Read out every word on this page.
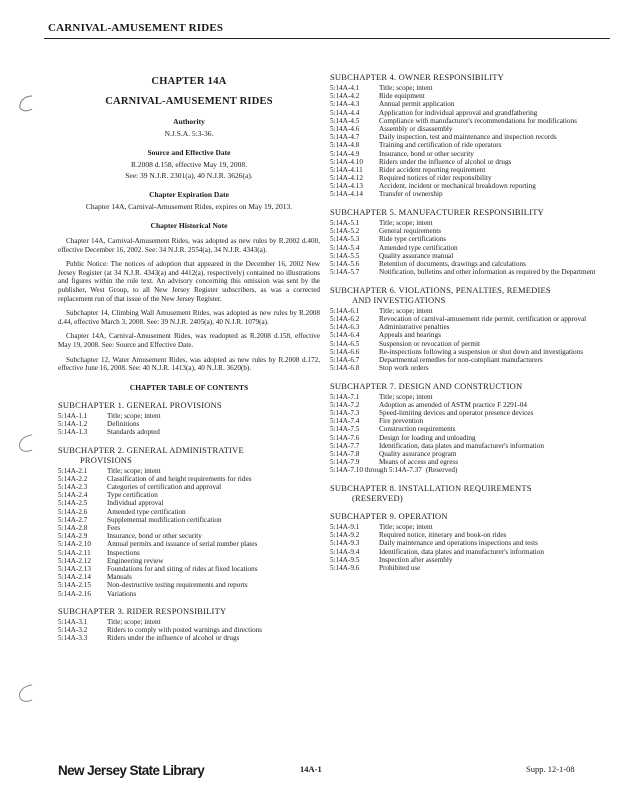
CARNIVAL-AMUSEMENT RIDES
CHAPTER 14A
CARNIVAL-AMUSEMENT RIDES
Authority
N.J.S.A. 5:3-36.
Source and Effective Date
R.2008 d.158, effective May 19, 2008.
See: 39 N.J.R. 2301(a), 40 N.J.R. 3626(a).
Chapter Expiration Date
Chapter 14A, Carnival-Amusement Rides, expires on May 19, 2013.
Chapter Historical Note

Chapter 14A, Carnival-Amusement Rides, was adopted as new rules by R.2002 d.400, effective December 16, 2002. See: 34 N.J.R. 2554(a), 34 N.J.R. 4343(a).

Public Notice: The notices of adoption that appeared in the December 16, 2002 New Jersey Register (at 34 N.J.R. 4343(a) and 4412(a), respectively) contained no illustrations and figures within the rule text. An advisory concerning this omission was sent by the publisher, West Group, to all New Jersey Register subscribers, as was a corrected replacement run of that issue of the New Jersey Register.

Subchapter 14, Climbing Wall Amusement Rides, was adopted as new rules by R.2008 d.44, effective March 3, 2008. See: 39 N.J.R. 2405(a), 40 N.J.R. 1079(a).

Chapter 14A, Carnival-Amusement Rides, was readopted as R.2008 d.158, effective May 19, 2008. See: Source and Effective Date.

Subchapter 12, Water Amusement Rides, was adopted as new rules by R.2008 d.172, effective June 16, 2008. See: 40 N.J.R. 1413(a), 40 N.J.R. 3620(b).

CHAPTER TABLE OF CONTENTS
SUBCHAPTER 1. GENERAL PROVISIONS
5:14A-1.1	Title; scope; intent
5:14A-1.2	Definitions
5:14A-1.3	Standards adopted
SUBCHAPTER 2. GENERAL ADMINISTRATIVE
PROVISIONS
5:14A-2.1	Title; scope; intent
5:14A-2.2	Classification of and height requirements for rides
5:14A-2.3	Categories of certification and approval
5:14A-2.4	Type certification
5:14A-2.5	Individual approval
5:14A-2.6	Amended type certification
5:14A-2.7	Supplemental modification certification
5:14A-2.8	Fees
5:14A-2.9	Insurance, bond or other security
5:14A-2.10	Annual permits and issuance of serial number plates
5:14A-2.11	Inspections
5:14A-2.12	Engineering review
5:14A-2.13	Foundations for and siting of rides at fixed locations
5:14A-2.14	Manuals
5:14A-2.15	Non-destructive testing requirements and reports
5:14A-2.16	Variations
SUBCHAPTER 3. RIDER RESPONSIBILITY
5:14A-3.1	Title; scope; intent
5:14A-3.2	Riders to comply with posted warnings and directions
5:14A-3.3	Riders under the influence of alcohol or drugs
SUBCHAPTER 4. OWNER RESPONSIBILITY
5:14A-4.1	Title; scope; intent
5:14A-4.2	Ride equipment
5:14A-4.3	Annual permit application
5:14A-4.4	Application for individual approval and grandfathering
5:14A-4.5	Compliance with manufacturer's recommendations for modifications
5:14A-4.6	Assembly or disassembly
5:14A-4.7	Daily inspection, test and maintenance and inspection records
5:14A-4.8	Training and certification of ride operators
5:14A-4.9	Insurance, bond or other security
5:14A-4.10	Riders under the influence of alcohol or drugs
5:14A-4.11	Rider accident reporting requirement
5:14A-4.12	Required notices of rider responsibility
5:14A-4.13	Accident, incident or mechanical breakdown reporting
5:14A-4.14	Transfer of ownership
SUBCHAPTER 5. MANUFACTURER RESPONSIBILITY
5:14A-5.1	Title; scope; intent
5:14A-5.2	General requirements
5:14A-5.3	Ride type certifications
5:14A-5.4	Amended type certification
5:14A-5.5	Quality assurance manual
5:14A-5.6	Retention of documents, drawings and calculations
5:14A-5.7	Notification, bulletins and other information as required by the Department
SUBCHAPTER 6. VIOLATIONS, PENALTIES, REMEDIES
AND INVESTIGATIONS
5:14A-6.1	Title; scope; intent
5:14A-6.2	Revocation of carnival-amusement ride permit, certification or approval
5:14A-6.3	Administrative penalties
5:14A-6.4	Appeals and hearings
5:14A-6.5	Suspension or revocation of permit
5:14A-6.6	Re-inspections following a suspension or shut down and investigations
5:14A-6.7	Departmental remedies for non-compliant manufacturers
5:14A-6.8	Stop work orders
SUBCHAPTER 7. DESIGN AND CONSTRUCTION
5:14A-7.1	Title; scope; intent
5:14A-7.2	Adoption as amended of ASTM practice F 2291-04
5:14A-7.3	Speed-limiting devices and operator presence devices
5:14A-7.4	Fire prevention
5:14A-7.5	Construction requirements
5:14A-7.6	Design for loading and unloading
5:14A-7.7	Identification, data plates and manufacturer's information
5:14A-7.8	Quality assurance program
5:14A-7.9	Means of access and egress
5:14A-7.10 through 5:14A-7.37 (Reserved)
SUBCHAPTER 8. INSTALLATION REQUIREMENTS
(RESERVED)
SUBCHAPTER 9. OPERATION
5:14A-9.1	Title; scope; intent
5:14A-9.2	Required notice, itinerary and book-on rides
5:14A-9.3	Daily maintenance and operations inspections and tests
5:14A-9.4	Identification, data plates and manufacturer's information
5:14A-9.5	Inspection after assembly
5:14A-9.6	Prohibited use
New Jersey State Library	14A-1	Supp. 12-1-08
